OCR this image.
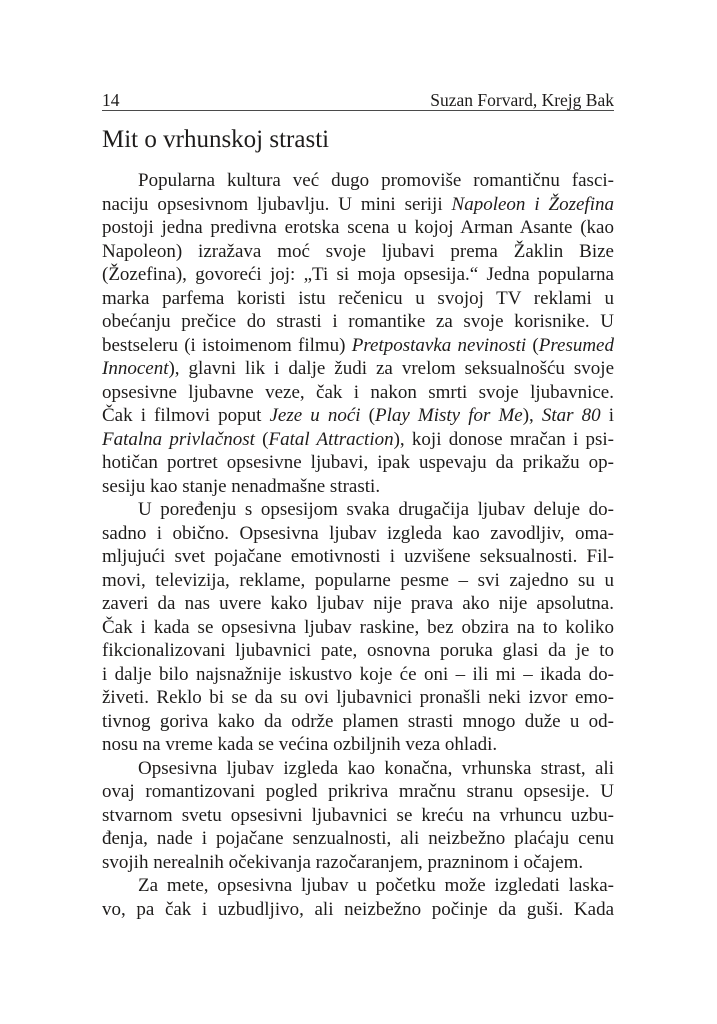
14	Suzan Forvard, Krejg Bak
Mit o vrhunskoj strasti
Popularna kultura već dugo promoviše romantičnu fasci-
naciju opsesivnom ljubavlju. U mini seriji Napoleon i Žozefina
postoji jedna predivna erotska scena u kojoj Arman Asante (kao
Napoleon) izražava moć svoje ljubavi prema Žaklin Bize
(Žozefina), govoreći joj: „Ti si moja opsesija.“ Jedna popularna
marka parfema koristi istu rečenicu u svojoj TV reklami u
obećanju prečice do strasti i romantike za svoje korisnike. U
bestseleru (i istoimenom filmu) Pretpostavka nevinosti (Presumed
Innocent), glavni lik i dalje žudi za vrelom seksualnošću svoje
opsesivne ljubavne veze, čak i nakon smrti svoje ljubavnice.
Čak i filmovi poput Jeze u noći (Play Misty for Me), Star 80 i
Fatalna privlačnost (Fatal Attraction), koji donose mračan i psi-
hotičan portret opsesivne ljubavi, ipak uspevaju da prikažu op-
sesiju kao stanje nenadmašne strasti.
U poređenju s opsesijom svaka drugačija ljubav deluje do-
sadno i obično. Opsesivna ljubav izgleda kao zavodljiv, oma-
mljujući svet pojačane emotivnosti i uzvišene seksualnosti. Fil-
movi, televizija, reklame, popularne pesme – svi zajedno su u
zaveri da nas uvere kako ljubav nije prava ako nije apsolutna.
Čak i kada se opsesivna ljubav raskine, bez obzira na to koliko
fikcionalizovani ljubavnici pate, osnovna poruka glasi da je to
i dalje bilo najsnažnije iskustvo koje će oni – ili mi – ikada do-
živeti. Reklo bi se da su ovi ljubavnici pronašli neki izvor emo-
tivnog goriva kako da održe plamen strasti mnogo duže u od-
nosu na vreme kada se većina ozbiljnih veza ohladi.
Opsesivna ljubav izgleda kao konačna, vrhunska strast, ali
ovaj romantizovani pogled prikriva mračnu stranu opsesije. U
stvarnom svetu opsesivni ljubavnici se kreću na vrhuncu uzbu-
đenja, nade i pojačane senzualnosti, ali neizbežno plaćaju cenu
svojih nerealnih očekivanja razočaranjem, prazninom i očajem.
Za mete, opsesivna ljubav u početku može izgledati laska-
vo, pa čak i uzbudljivo, ali neizbežno počinje da guši. Kada
